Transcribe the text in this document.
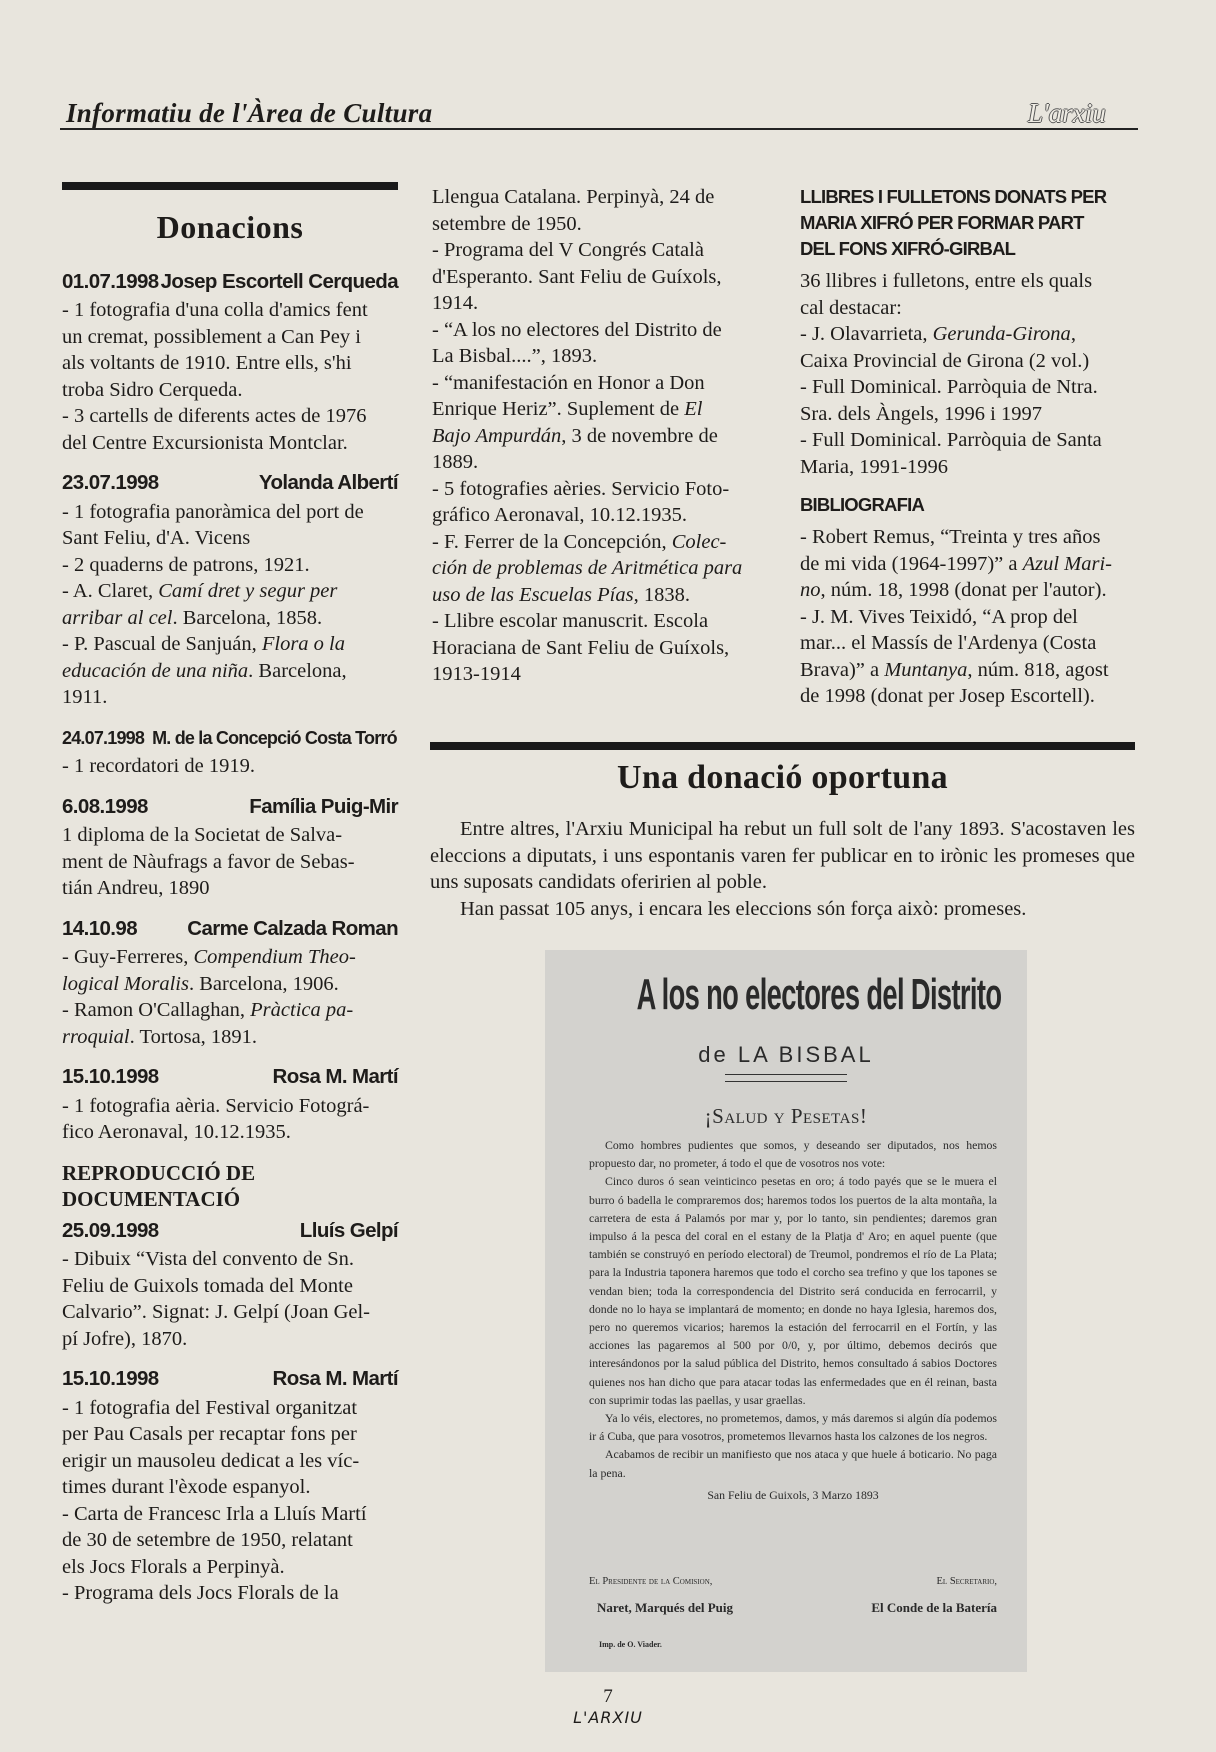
Informatiu de l'Àrea de Cultura	L'arxiu
Donacions
01.07.1998 Josep Escortell Cerqueda
- 1 fotografia d'una colla d'amics fent
un cremat, possiblement a Can Pey i
als voltants de 1910. Entre ells, s'hi
troba Sidro Cerqueda.
- 3 cartells de diferents actes de 1976
del Centre Excursionista Montclar.
23.07.1998	Yolanda Albertí
- 1 fotografia panoràmica del port de
Sant Feliu, d'A. Vicens
- 2 quaderns de patrons, 1921.
- A. Claret, Camí dret y segur per
arribar al cel. Barcelona, 1858.
- P. Pascual de Sanjuán, Flora o la
educación de una niña. Barcelona,
1911.
24.07.1998 M. de la Concepció Costa Torró
- 1 recordatori de 1919.
6.08.1998	Família Puig-Mir
1 diploma de la Societat de Salva-
ment de Nàufrags a favor de Sebas-
tián Andreu, 1890
14.10.98 Carme Calzada Roman
- Guy-Ferreres, Compendium Theo-
logical Moralis. Barcelona, 1906.
- Ramon O'Callaghan, Pràctica pa-
rroquial. Tortosa, 1891.
15.10.1998	Rosa M. Martí
- 1 fotografia aèria. Servicio Fotográ-
fico Aeronaval, 10.12.1935.
REPRODUCCIÓ DE
DOCUMENTACIÓ
25.09.1998	Lluís Gelpí
- Dibuix “Vista del convento de Sn.
Feliu de Guixols tomada del Monte
Calvario”. Signat: J. Gelpí (Joan Gel-
pí Jofre), 1870.
15.10.1998	Rosa M. Martí
- 1 fotografia del Festival organitzat
per Pau Casals per recaptar fons per
erigir un mausoleu dedicat a les víc-
times durant l'èxode espanyol.
- Carta de Francesc Irla a Lluís Martí
de 30 de setembre de 1950, relatant
els Jocs Florals a Perpinyà.
- Programa dels Jocs Florals de la
Llengua Catalana. Perpinyà, 24 de
setembre de 1950.
- Programa del V Congrés Català
d'Esperanto. Sant Feliu de Guíxols,
1914.
- “A los no electores del Distrito de
La Bisbal....”, 1893.
- “manifestación en Honor a Don
Enrique Heriz”. Suplement de El
Bajo Ampurdán, 3 de novembre de
1889.
- 5 fotografies aèries. Servicio Foto-
gráfico Aeronaval, 10.12.1935.
- F. Ferrer de la Concepción, Colec-
ción de problemas de Aritmética para
uso de las Escuelas Pías, 1838.
- Llibre escolar manuscrit. Escola
Horaciana de Sant Feliu de Guíxols,
1913-1914
LLIBRES I FULLETONS DONATS PER
MARIA XIFRÓ PER FORMAR PART
DEL FONS XIFRÓ-GIRBAL
36 llibres i fulletons, entre els quals
cal destacar:
- J. Olavarrieta, Gerunda-Girona,
Caixa Provincial de Girona (2 vol.)
- Full Dominical. Parròquia de Ntra.
Sra. dels Àngels, 1996 i 1997
- Full Dominical. Parròquia de Santa
Maria, 1991-1996
BIBLIOGRAFIA
- Robert Remus, “Treinta y tres años
de mi vida (1964-1997)” a Azul Mari-
no, núm. 18, 1998 (donat per l'autor).
- J. M. Vives Teixidó, “A prop del
mar... el Massís de l'Ardenya (Costa
Brava)” a Muntanya, núm. 818, agost
de 1998 (donat per Josep Escortell).
Una donació oportuna

Entre altres, l'Arxiu Municipal ha rebut un full solt de l'any 1893. S'acostaven les eleccions a diputats, i uns espontanis varen fer publicar en to irònic les promeses que uns suposats candidats oferirien al poble.

Han passat 105 anys, i encara les eleccions són força això: promeses.

A los no electores del Distrito
de LA BISBAL
¡Salud y Pesetas!

Como hombres pudientes que somos, y deseando ser diputados, nos hemos propuesto dar, no prometer, á todo el que de vosotros nos vote:

Cinco duros ó sean veinticinco pesetas en oro; á todo payés que se le muera el burro ó badella le compraremos dos; haremos todos los puertos de la alta montaña, la carretera de esta á Palamós por mar y, por lo tanto, sin pendientes; daremos gran impulso á la pesca del coral en el estany de la Platja d' Aro; en aquel puente (que también se construyó en período electoral) de Treumol, pondremos el río de La Plata; para la Industria taponera haremos que todo el corcho sea trefino y que los tapones se vendan bien; toda la correspondencia del Distrito será conducida en ferrocarril, y donde no lo haya se implantará de momento; en donde no haya Iglesia, haremos dos, pero no queremos vicarios; haremos la estación del ferrocarril en el Fortín, y las acciones las pagaremos al 500 por 0/0, y, por último, debemos decirós que interesándonos por la salud pública del Distrito, hemos consultado á sabios Doctores quienes nos han dicho que para atacar todas las enfermedades que en él reinan, basta con suprimir todas las paellas, y usar graellas.

Ya lo véis, electores, no prometemos, damos, y más daremos si algún día podemos ir á Cuba, que para vosotros, prometemos llevarnos hasta los calzones de los negros.

Acabamos de recibir un manifiesto que nos ataca y que huele á boticario. No paga la pena.

San Feliu de Guixols, 3 Marzo 1893

El Presidente de la Comision,	El Secretario,
Naret, Marqués del Puig	El Conde de la Batería
Imp. de O. Viader.
7
L'ARXIU
